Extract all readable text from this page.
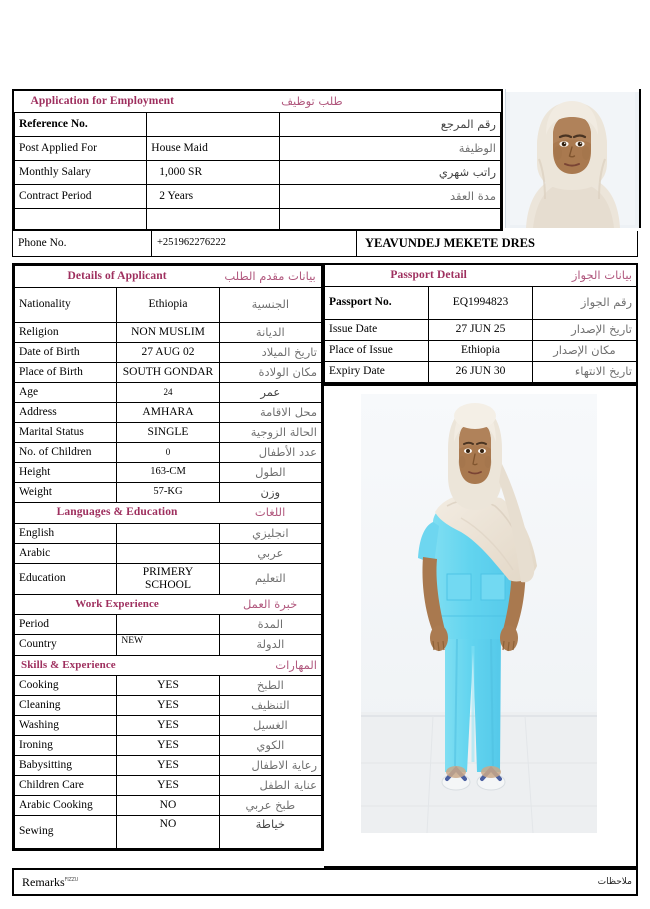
Application for Employment		طلب توظيف
Reference No.		رقم المرجع
Post Applied For	House Maid	الوظيفة
Monthly Salary	1,000 SR	راتب شهري
Contract Period	2 Years	مدة العقد

Phone No.	+251962276222	YEAVUNDEJ MEKETE DRES
Details of Applicant		بيانات مقدم الطلب
Nationality	Ethiopia	الجنسية
Religion	NON MUSLIM	الديانة
Date of Birth	27 AUG 02	تاريخ الميلاد
Place of Birth	SOUTH GONDAR	مكان الولادة
Age	24	عمر
Address	AMHARA	محل الاقامة
Marital Status	SINGLE	الحالة الزوجية
No. of Children	0	عدد الأطفال
Height	163-CM	الطول
Weight	57-KG	وزن
Languages & Education		اللغات
English		انجليزي
Arabic		عربي
Education	PRIMERY SCHOOL	التعليم
Work Experience		خبرة العمل
Period		المدة
Country	NEW	الدولة
Skills & Experience		المهارات
Cooking	YES	الطبخ
Cleaning	YES	التنظيف
Washing	YES	الغسيل
Ironing	YES	الكوي
Babysitting	YES	رعاية الاطفال
Children Care	YES	عناية الطفل
Arabic Cooking	NO	طبخ عربي
Sewing	NO	خياطة
Passport Detail		بيانات الجواز
Passport No.	EQ1994823	رقم الجواز
Issue Date	27 JUN 25	تاريخ الإصدار
Place of Issue	Ethiopia	مكان الإصدار
Expiry Date	26 JUN 30	تاريخ الانتهاء
Remarks$^{FIZZU}$	ملاحظات
